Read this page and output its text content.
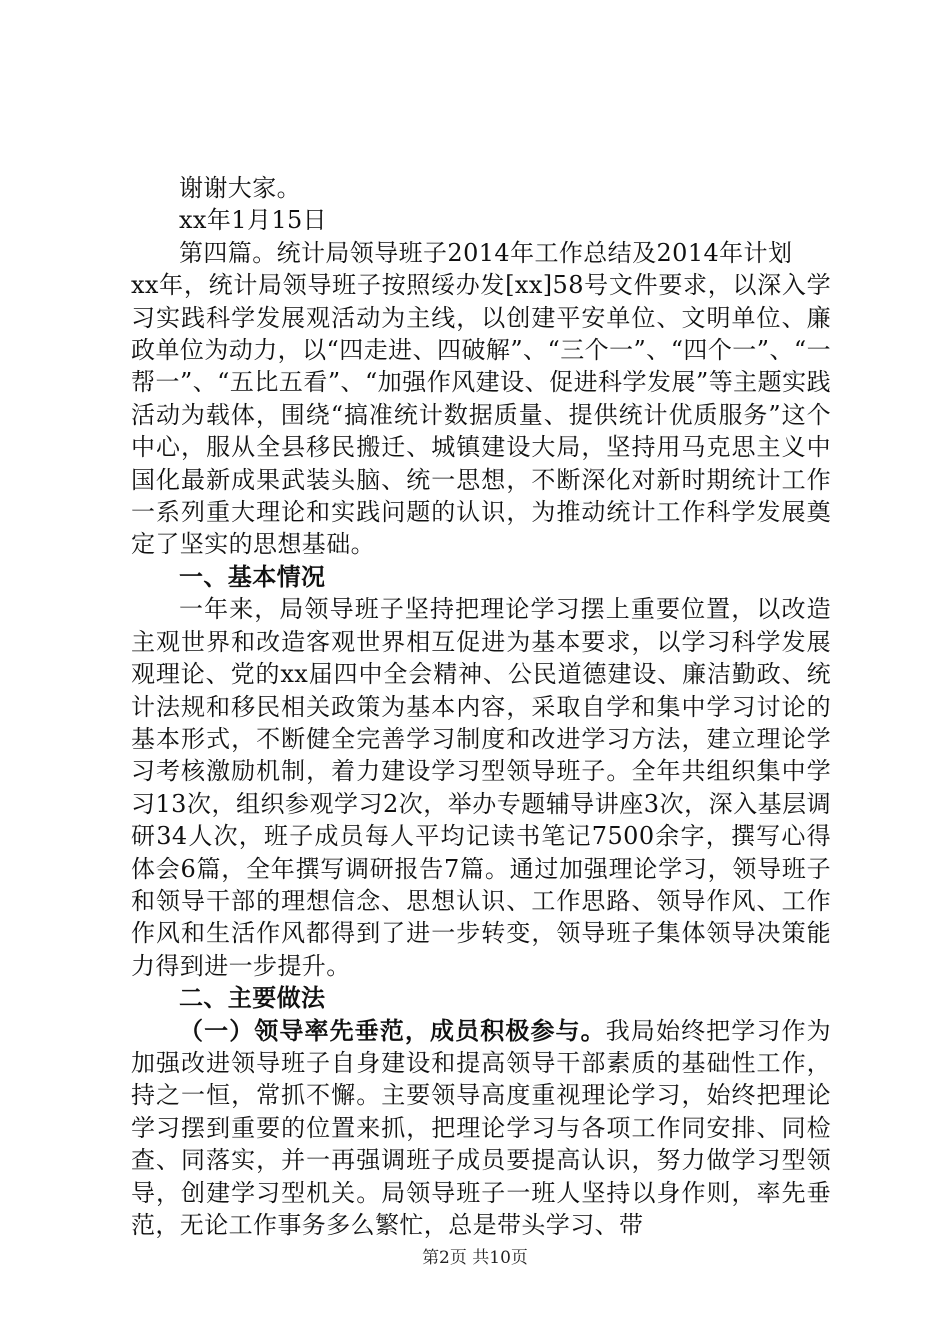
谢谢大家。

xx年1月15日

第四篇。统计局领导班子2014年工作总结及2014年计划

xx年，统计局领导班子按照绥办发[xx]58号文件要求，以深入学习实践科学发展观活动为主线，以创建平安单位、文明单位、廉政单位为动力，以“四走进、四破解”、“三个一”、“四个一”、“一帮一”、“五比五看”、“加强作风建设、促进科学发展”等主题实践活动为载体，围绕“搞准统计数据质量、提供统计优质服务”这个中心，服从全县移民搬迁、城镇建设大局，坚持用马克思主义中国化最新成果武装头脑、统一思想，不断深化对新时期统计工作一系列重大理论和实践问题的认识，为推动统计工作科学发展奠定了坚实的思想基础。

一、基本情况

一年来，局领导班子坚持把理论学习摆上重要位置，以改造主观世界和改造客观世界相互促进为基本要求，以学习科学发展观理论、党的xx届四中全会精神、公民道德建设、廉洁勤政、统计法规和移民相关政策为基本内容，采取自学和集中学习讨论的基本形式，不断健全完善学习制度和改进学习方法，建立理论学习考核激励机制，着力建设学习型领导班子。全年共组织集中学习13次，组织参观学习2次，举办专题辅导讲座3次，深入基层调研34人次，班子成员每人平均记读书笔记7500余字，撰写心得体会6篇，全年撰写调研报告7篇。通过加强理论学习，领导班子和领导干部的理想信念、思想认识、工作思路、领导作风、工作作风和生活作风都得到了进一步转变，领导班子集体领导决策能力得到进一步提升。

二、主要做法

（一）领导率先垂范，成员积极参与。我局始终把学习作为加强改进领导班子自身建设和提高领导干部素质的基础性工作，持之一恒，常抓不懈。主要领导高度重视理论学习，始终把理论学习摆到重要的位置来抓，把理论学习与各项工作同安排、同检查、同落实，并一再强调班子成员要提高认识，努力做学习型领导，创建学习型机关。局领导班子一班人坚持以身作则，率先垂范，无论工作事务多么繁忙，总是带头学习、带

第2页 共10页
